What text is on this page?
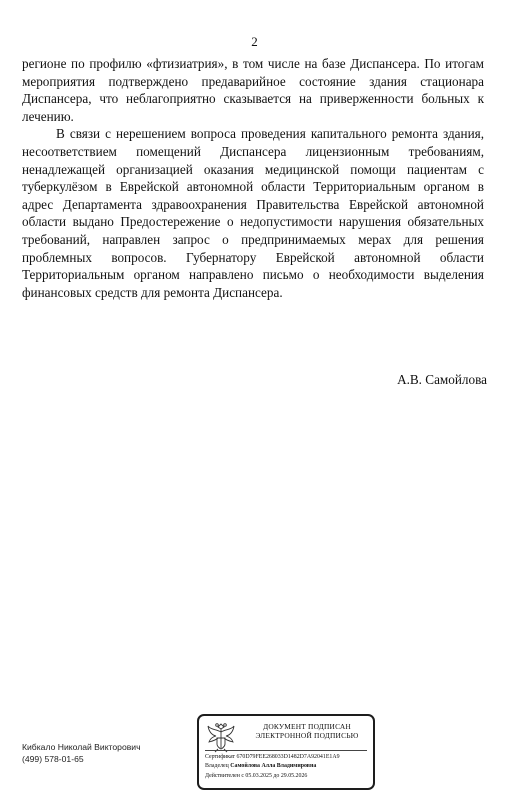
2

регионе по профилю «фтизиатрия», в том числе на базе Диспансера. По итогам мероприятия подтверждено предаварийное состояние здания стационара Диспансера, что неблагоприятно сказывается на приверженности больных к лечению.

В связи с нерешением вопроса проведения капитального ремонта здания, несоответствием помещений Диспансера лицензионным требованиям, ненадлежащей организацией оказания медицинской помощи пациентам с туберкулёзом в Еврейской автономной области Территориальным органом в адрес Департамента здравоохранения Правительства Еврейской автономной области выдано Предостережение о недопустимости нарушения обязательных требований, направлен запрос о предпринимаемых мерах для решения проблемных вопросов. Губернатору Еврейской автономной области Территориальным органом направлено письмо о необходимости выделения финансовых средств для ремонта Диспансера.

А.В. Самойлова
Кибкало Николай Викторович
(499) 578-01-65
ДОКУМЕНТ ПОДПИСАН
ЭЛЕКТРОННОЙ ПОДПИСЬЮ
Сертификат 670D79FEE268033D1482D7A92041E1A9
Владелец Самойлова Алла Владимировна
Действителен с 05.03.2025 до 29.05.2026
